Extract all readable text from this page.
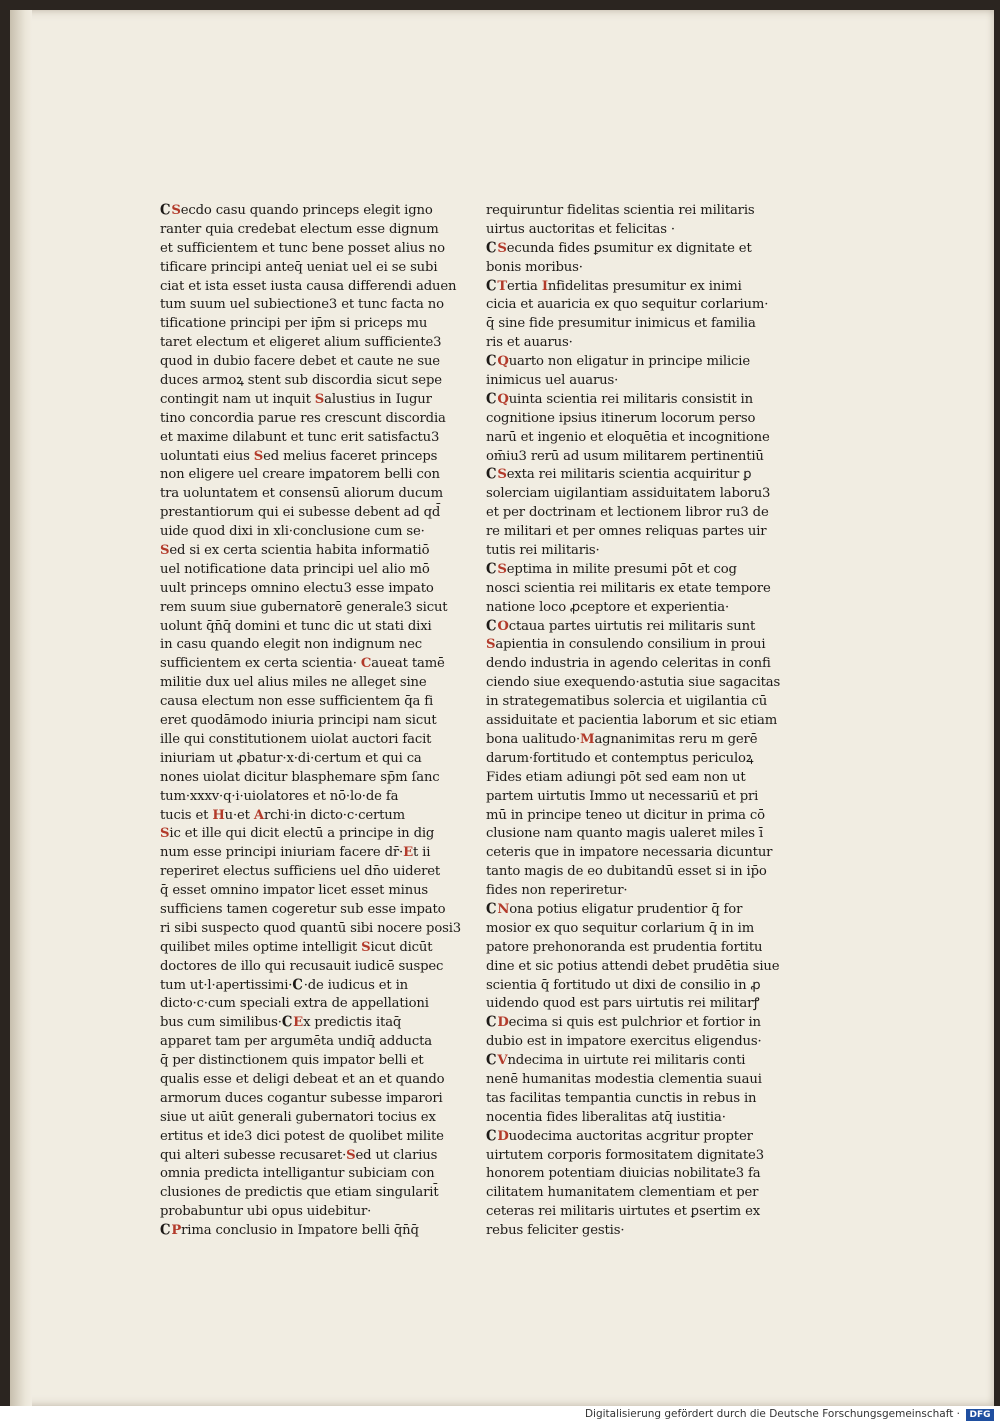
CSecdo casu quando princeps elegit igno
ranter quia credebat electum esse dignum
et sufficientem et tunc bene posset alius no
tificare principi anteq̄ ueniat uel ei se subi
ciat et ista esset iusta causa differendi aduen
tum suum uel subiectione3 et tunc facta no
tificatione principi per ip̄m si priceps mu
taret electum et eligeret alium sufficiente3
quod in dubio facere debet et caute ne sue
duces armoꝝ stent sub discordia sicut sepe
contingit nam ut inquit Salustius in Iugur
tino concordia parue res crescunt discordia
et maxime dilabunt et tunc erit satisfactu3
uoluntati eius Sed melius faceret princeps
non eligere uel creare imꝑatorem belli con
tra uoluntatem et consensū aliorum ducum
prestantiorum qui ei subesse debent ad qd̄
uide quod dixi in xli·conclusione cum se·
Sed si ex certa scientia habita informatiō
uel notificatione data principi uel alio mō
uult princeps omnino electu3 esse impato
rem suum siue gubernatorē generale3 sicut
uolunt q̄n̄q̄ domini et tunc dic ut stati dixi
in casu quando elegit non indignum nec
sufficientem ex certa scientia· Caueat tamē
militie dux uel alius miles ne alleget sine
causa electum non esse sufficientem q̄a fi
eret quodāmodo iniuria principi nam sicut
ille qui constitutionem uiolat auctori facit
iniuriam ut ꝓbatur·x·di·certum et qui ca
nones uiolat dicitur blasphemare sp̄m ſanc
tum·xxxv·q·i·uiolatores et nō·lo·de fa
tucis et Hu·et Archi·in dicto·c·certum
Sic et ille qui dicit electū a principe in dig
num esse principi iniuriam facere dr̄·Et ii
reperiret electus sufficiens uel dn̄o uideret
q̄ esset omnino impator licet esset minus
sufficiens tamen cogeretur sub esse impato
ri sibi suspecto quod quantū sibi nocere posi3
quilibet miles optime intelligit Sicut dicūt
doctores de illo qui recusauit iudicē suspec
tum ut·l·apertissimi·C·de iudicus et in
dicto·c·cum speciali extra de appellationi
bus cum similibus·CEx predictis itaq̄
apparet tam per argumēta undiq̄ adducta
q̄ per distinctionem quis impator belli et
qualis esse et deligi debeat et an et quando
armorum duces cogantur subesse imparori
siue ut aiūt generali gubernatori tocius ex
ertitus et ide3 dici potest de quolibet milite
qui alteri subesse recusaret·Sed ut clarius
omnia predicta intelligantur subiciam con
clusiones de predictis que etiam singularit̄
probabuntur ubi opus uidebitur·
CPrima conclusio in Impatore belli q̄n̄q̄
requiruntur fidelitas scientia rei militaris
uirtus auctoritas et felicitas ·
CSecunda fides ꝑsumitur ex dignitate et
bonis moribus·
CTertia Infidelitas presumitur ex inimi
cicia et auaricia ex quo sequitur corlarium·
q̄ sine fide presumitur inimicus et familia
ris et auarus·
CQuarto non eligatur in principe milicie
inimicus uel auarus·
CQuinta scientia rei militaris consistit in
cognitione ipsius itinerum locorum perso
narū et ingenio et eloquētia et incognitione
om̄iu3 rerū ad usum militarem pertinentiū
CSexta rei militaris scientia acquiritur ꝑ
solerciam uigilantiam assiduitatem laboru3
et per doctrinam et lectionem libror ru3 de
re militari et per omnes reliquas partes uir
tutis rei militaris·
CSeptima in milite presumi pōt et cog
nosci scientia rei militaris ex etate tempore
natione loco ꝓceptore et experientia·
COctaua partes uirtutis rei militaris sunt
Sapientia in consulendo consilium in proui
dendo industria in agendo celeritas in confi
ciendo siue exequendo·astutia siue sagacitas
in strategematibus solercia et uigilantia cū
assiduitate et pacientia laborum et sic etiam
bona ualitudo·Magnanimitas reru m gerē
darum·fortitudo et contemptus periculoꝝ
Fides etiam adiungi pōt sed eam non ut
partem uirtutis Immo ut necessariū et pri
mū in principe teneo ut dicitur in prima cō
clusione nam quanto magis ualeret miles ī
ceteris que in impatore necessaria dicuntur
tanto magis de eo dubitandū esset si in ip̄o
fides non reperiretur·
CNona potius eligatur prudentior q̄ for
mosior ex quo sequitur corlarium q̄ in im
patore prehonoranda est prudentia fortitu
dine et sic potius attendi debet prudētia siue
scientia q̄ fortitudo ut dixi de consilio in ꝓ
uidendo quod est pars uirtutis rei militarꝭ
CDecima si quis est pulchrior et fortior in
dubio est in impatore exercitus eligendus·
CVndecima in uirtute rei militaris conti
nenē humanitas modestia clementia suaui
tas facilitas tempantia cunctis in rebus in
nocentia fides liberalitas atq̄ iustitia·
CDuodecima auctoritas acgritur propter
uirtutem corporis formositatem dignitate3
honorem potentiam diuicias nobilitate3 fa
cilitatem humanitatem clementiam et per
ceteras rei militaris uirtutes et ꝑsertim ex
rebus feliciter gestis·
Digitalisierung gefördert durch die Deutsche Forschungsgemeinschaft ·	DFG
